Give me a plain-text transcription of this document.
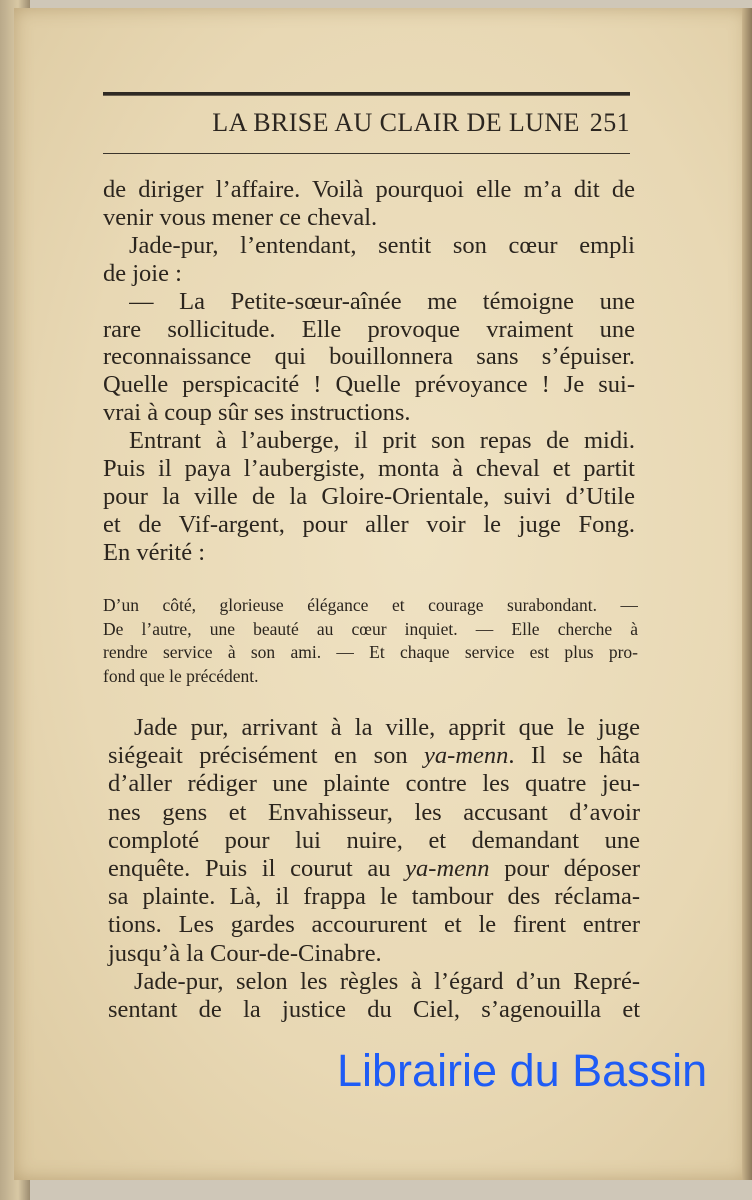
LA BRISE AU CLAIR DE LUNE 251
de diriger l’affaire. Voilà pourquoi elle m’a dit de
venir vous mener ce cheval.
Jade-pur, l’entendant, sentit son cœur empli
de joie :
— La Petite-sœur-aînée me témoigne une
rare sollicitude. Elle provoque vraiment une
reconnaissance qui bouillonnera sans s’épuiser.
Quelle perspicacité ! Quelle prévoyance ! Je sui-
vrai à coup sûr ses instructions.
Entrant à l’auberge, il prit son repas de midi.
Puis il paya l’aubergiste, monta à cheval et partit
pour la ville de la Gloire-Orientale, suivi d’Utile
et de Vif-argent, pour aller voir le juge Fong.
En vérité :
D’un côté, glorieuse élégance et courage surabondant. —
De l’autre, une beauté au cœur inquiet. — Elle cherche à
rendre service à son ami. — Et chaque service est plus pro-
fond que le précédent.
Jade pur, arrivant à la ville, apprit que le juge
siégeait précisément en son ya-menn. Il se hâta
d’aller rédiger une plainte contre les quatre jeu-
nes gens et Envahisseur, les accusant d’avoir
comploté pour lui nuire, et demandant une
enquête. Puis il courut au ya-menn pour déposer
sa plainte. Là, il frappa le tambour des réclama-
tions. Les gardes accoururent et le firent entrer
jusqu’à la Cour-de-Cinabre.
Jade-pur, selon les règles à l’égard d’un Repré-
sentant de la justice du Ciel, s’agenouilla et
Librairie du Bassin
